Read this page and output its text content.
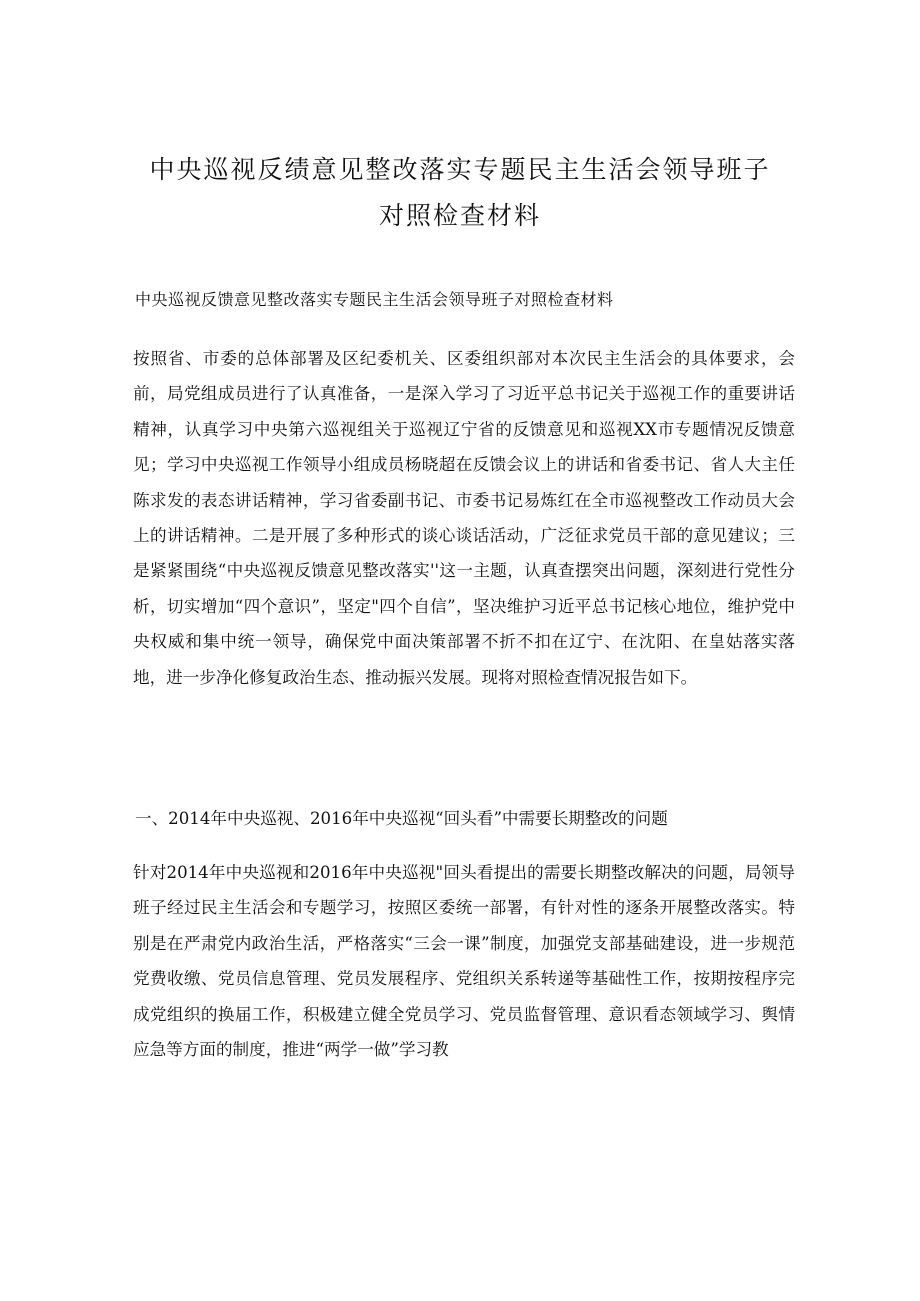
中央巡视反绩意见整改落实专题民主生活会领导班子
对照检查材料

中央巡视反馈意见整改落实专题民主生活会领导班子对照检查材料

按照省、市委的总体部署及区纪委机关、区委组织部对本次民主生活会的具体要求，会前，局党组成员进行了认真准备，一是深入学习了习近平总书记关于巡视工作的重要讲话精神，认真学习中央第六巡视组关于巡视辽宁省的反馈意见和巡视XX市专题情况反馈意见；学习中央巡视工作领导小组成员杨晓超在反馈会议上的讲话和省委书记、省人大主任陈求发的表态讲话精神，学习省委副书记、市委书记易炼红在全市巡视整改工作动员大会上的讲话精神。二是开展了多种形式的谈心谈话活动，广泛征求党员干部的意见建议；三是紧紧围绕“中央巡视反馈意见整改落实''这一主题，认真查摆突出问题，深刻进行党性分析，切实增加“四个意识”，坚定"四个自信”，坚决维护习近平总书记核心地位，维护党中央权威和集中统一领导，确保党中面决策部署不折不扣在辽宁、在沈阳、在皇姑落实落地，进一步净化修复政治生态、推动振兴发展。现将对照检查情况报告如下。

一、2014年中央巡视、2016年中央巡视“回头看”中需要长期整改的问题

针对2014年中央巡视和2016年中央巡视"回头看提出的需要长期整改解决的问题，局领导班子经过民主生活会和专题学习，按照区委统一部署，有针对性的逐条开展整改落实。特别是在严肃党内政治生活，严格落实“三会一课”制度，加强党支部基础建设，进一步规范党费收缴、党员信息管理、党员发展程序、党组织关系转递等基础性工作，按期按程序完成党组织的换届工作，积极建立健全党员学习、党员监督管理、意识看态领域学习、舆情应急等方面的制度，推进“两学一做”学习教
